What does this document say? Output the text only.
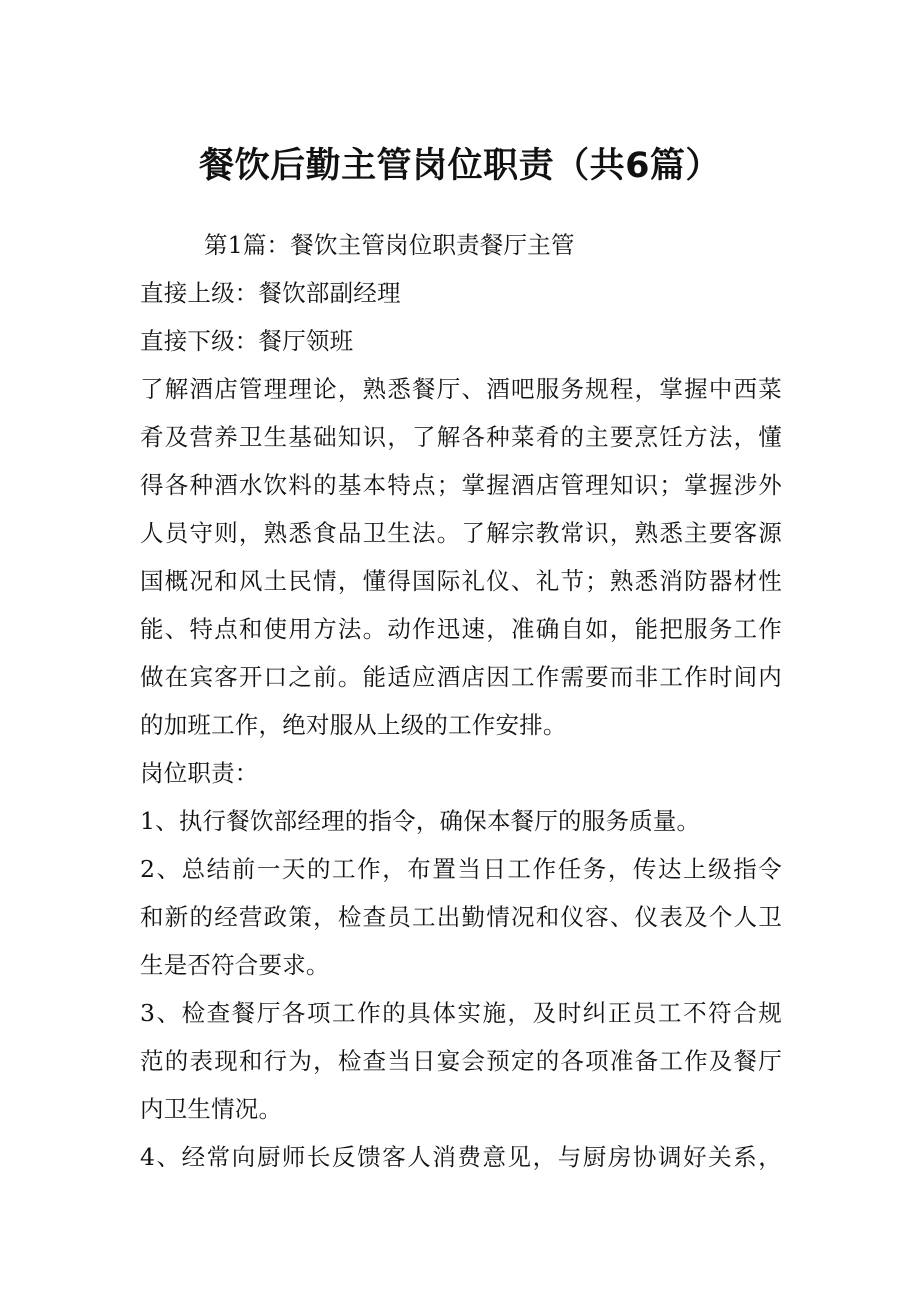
餐饮后勤主管岗位职责（共6篇）
第1篇：餐饮主管岗位职责餐厅主管
直接上级：餐饮部副经理
直接下级：餐厅领班
了解酒店管理理论，熟悉餐厅、酒吧服务规程，掌握中西菜
肴及营养卫生基础知识，了解各种菜肴的主要烹饪方法，懂
得各种酒水饮料的基本特点；掌握酒店管理知识；掌握涉外
人员守则，熟悉食品卫生法。了解宗教常识，熟悉主要客源
国概况和风土民情，懂得国际礼仪、礼节；熟悉消防器材性
能、特点和使用方法。动作迅速，准确自如，能把服务工作
做在宾客开口之前。能适应酒店因工作需要而非工作时间内
的加班工作，绝对服从上级的工作安排。
岗位职责：
1、执行餐饮部经理的指令，确保本餐厅的服务质量。
2、总结前一天的工作，布置当日工作任务，传达上级指令
和新的经营政策，检查员工出勤情况和仪容、仪表及个人卫
生是否符合要求。
3、检查餐厅各项工作的具体实施，及时纠正员工不符合规
范的表现和行为，检查当日宴会预定的各项准备工作及餐厅
内卫生情况。
4、经常向厨师长反馈客人消费意见，与厨房协调好关系，
